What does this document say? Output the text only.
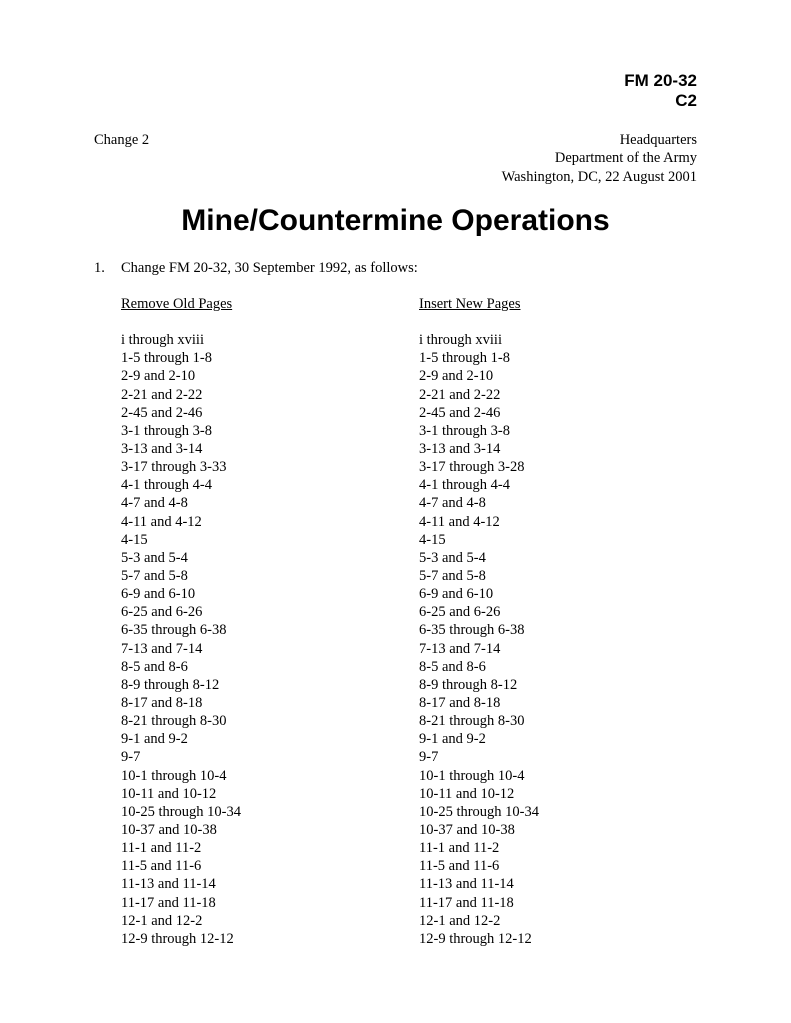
FM 20-32
C2
Change 2	Headquarters
Department of the Army
Washington, DC, 22 August 2001
Mine/Countermine Operations
1. Change FM 20-32, 30 September 1992, as follows:
Remove Old Pages
i through xviii
1-5 through 1-8
2-9 and 2-10
2-21 and 2-22
2-45 and 2-46
3-1 through 3-8
3-13 and 3-14
3-17 through 3-33
4-1 through 4-4
4-7 and 4-8
4-11 and 4-12
4-15
5-3 and 5-4
5-7 and 5-8
6-9 and 6-10
6-25 and 6-26
6-35 through 6-38
7-13 and 7-14
8-5 and 8-6
8-9 through 8-12
8-17 and 8-18
8-21 through 8-30
9-1 and 9-2
9-7
10-1 through 10-4
10-11 and 10-12
10-25 through 10-34
10-37 and 10-38
11-1 and 11-2
11-5 and 11-6
11-13 and 11-14
11-17 and 11-18
12-1 and 12-2
12-9 through 12-12
Insert New Pages
i through xviii
1-5 through 1-8
2-9 and 2-10
2-21 and 2-22
2-45 and 2-46
3-1 through 3-8
3-13 and 3-14
3-17 through 3-28
4-1 through 4-4
4-7 and 4-8
4-11 and 4-12
4-15
5-3 and 5-4
5-7 and 5-8
6-9 and 6-10
6-25 and 6-26
6-35 through 6-38
7-13 and 7-14
8-5 and 8-6
8-9 through 8-12
8-17 and 8-18
8-21 through 8-30
9-1 and 9-2
9-7
10-1 through 10-4
10-11 and 10-12
10-25 through 10-34
10-37 and 10-38
11-1 and 11-2
11-5 and 11-6
11-13 and 11-14
11-17 and 11-18
12-1 and 12-2
12-9 through 12-12
